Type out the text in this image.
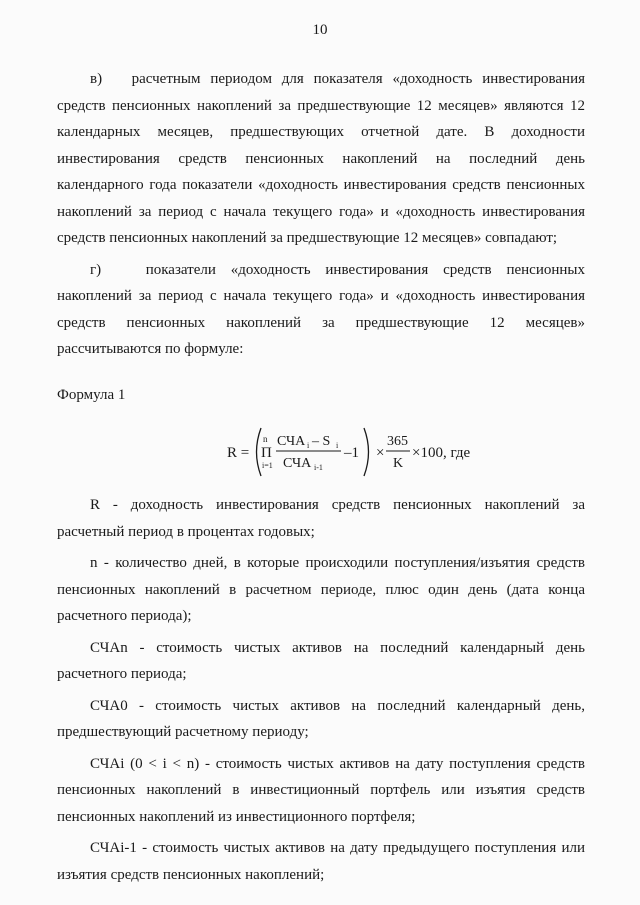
10

в) расчетным периодом для показателя «доходность инвестирования средств пенсионных накоплений за предшествующие 12 месяцев» являются 12 календарных месяцев, предшествующих отчетной дате. В доходности инвестирования средств пенсионных накоплений на последний день календарного года показатели «доходность инвестирования средств пенсионных накоплений за период с начала текущего года» и «доходность инвестирования средств пенсионных накоплений за предшествующие 12 месяцев» совпадают;

г)	показатели «доходность инвестирования средств пенсионных накоплений за период с начала текущего года» и «доходность инвестирования средств пенсионных накоплений за предшествующие 12 месяцев» рассчитываются по формуле:

Формула 1

R =
n
П
i=1
СЧА i – S i
СЧА i-1
–1 ×
365
K
×100, где

R - доходность инвестирования средств пенсионных накоплений за расчетный период в процентах годовых;

n - количество дней, в которые происходили поступления/изъятия средств пенсионных накоплений в расчетном периоде, плюс один день (дата конца расчетного периода);

СЧАn - стоимость чистых активов на последний календарный день расчетного периода;

СЧА0 - стоимость чистых активов на последний календарный день, предшествующий расчетному периоду;

СЧАi (0 < i < n) - стоимость чистых активов на дату поступления средств пенсионных накоплений в инвестиционный портфель или изъятия средств пенсионных накоплений из инвестиционного портфеля;

СЧАi-1 - стоимость чистых активов на дату предыдущего поступления или изъятия средств пенсионных накоплений;
